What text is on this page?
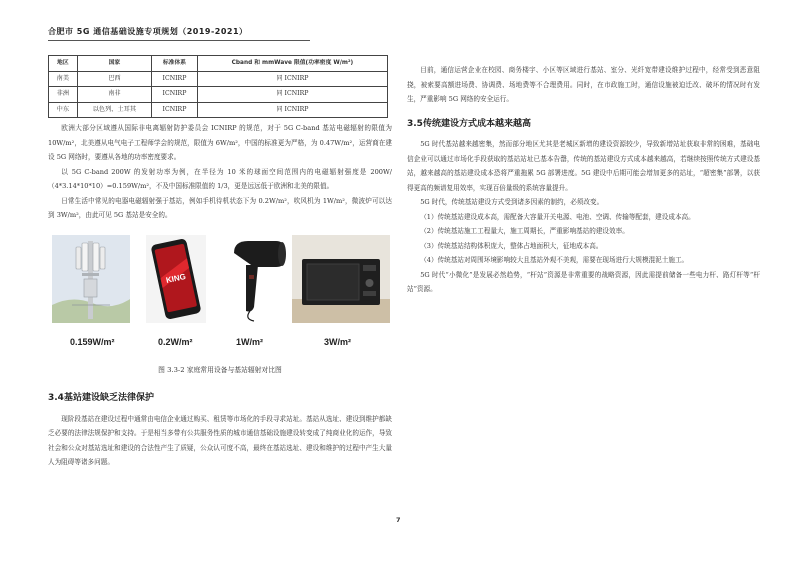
合肥市 5G 通信基础设施专项规划（2019-2021）
地区	国家	标准体系	Cband 和 mmWave 限值(功率密度 W/m²)
南美	巴西	ICNIRP	同 ICNIRP
非洲	南非	ICNIRP	同 ICNIRP
中东	以色列、土耳其	ICNIRP	同 ICNIRP

欧洲大部分区域遵从国际非电离辐射防护委员会 ICNIRP 的规范，对于 5G C-band 基站电磁辐射的限值为 10W/m²，北美遵从电气电子工程师学会的规范，限值为 6W/m²，中国的标准更为严格，为 0.47W/m²，运营商在建设 5G 网络时，要遵从各地的功率密度要求。

以 5G C-band 200W 的发射功率为例，在半径为 10 米的球面空间范围内的电磁辐射强度是 200W/（4*3.14*10*10）=0.159W/m²，不及中国标准限值的 1/3，更是远远低于欧洲和北美的限值。

日常生活中常见的电器电磁辐射强于基站，例如手机待机状态下为 0.2W/m²，吹风机为 1W/m²，微波炉可以达到 3W/m²，由此可见 5G 基站是安全的。

KING
0.159W/m²	0.2W/m²	1W/m²	3W/m²
图 3.3-2 家庭常用设备与基站辐射对比图
3.4基站建设缺乏法律保护

现阶段基站在建设过程中通常由电信企业通过购买、租赁等市场化的手段寻求站址。基站从选址、建设到维护都缺乏必要的法律法规保护和支持。于是相当多带有公共服务性质的城市通信基础设施建设转变成了纯商业化的运作，导致社会和公众对基站选址和建设的合法性产生了质疑，公众认可度不高，最终在基站选址、建设和维护的过程中产生大量人为阻碍等诸多问题。

目前，通信运营企业在校园、商务楼宇、小区等区域进行基站、室分、光纤宽带建设维护过程中，经常受到恶意阻挠，被索要高额进场费、协调费、场地费等不合理费用。同时，在市政施工时，通信设施被迫迁改、破坏的情况时有发生，严重影响 5G 网络的安全运行。

3.5传统建设方式成本越来越高

5G 时代基站越来越密集，然而部分地区尤其是老城区新增的建设资源较少，导致新增站址获取非常的困难，基础电信企业可以通过市场化手段获取的基站站址已基本告罄，传统的基站建设方式成本越来越高，若继续按照传统方式建设基站，越来越高的基站建设成本恐将严重拖累 5G 部署进度。5G 建设中后期可能会增加更多的站址，“超密集”部署，以获得更高的频谱复用效率，实现百倍量级的系统容量提升。

5G 时代，传统基站建设方式受到诸多因素的制约，必须改变。

（1）传统基站建设成本高，需配备大容量开关电源、电池、空调、传输等配套，建设成本高。

（2）传统基站施工工程量大，施工周期长，严重影响基站的建设效率。

（3）传统基站结构体积庞大，整体占地面积大，征地成本高。

（4）传统基站对周围环境影响较大且基站外观不美观，需要在现场进行大规模混泥土施工。

5G 时代“小微化”是发展必然趋势，“杆站”资源是非常重要的战略资源，因此需提前储备一些电力杆、路灯杆等“杆站”资源。

7
